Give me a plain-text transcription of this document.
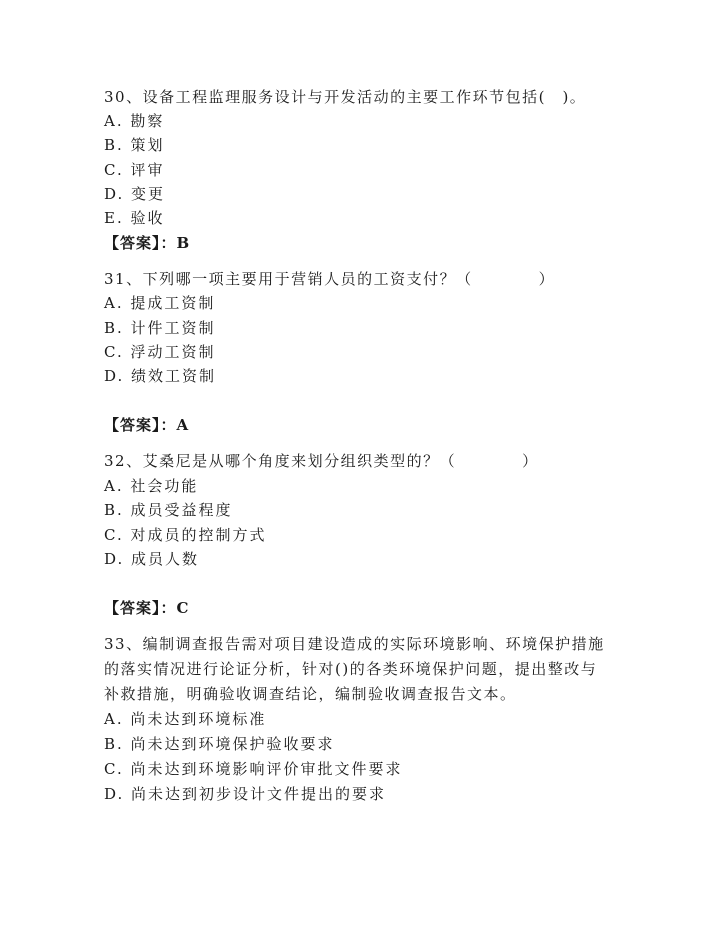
30、设备工程监理服务设计与开发活动的主要工作环节包括(　)。
A. 勘察
B. 策划
C. 评审
D. 变更
E. 验收
【答案】：B
31、下列哪一项主要用于营销人员的工资支付？（　　　　）
A. 提成工资制
B. 计件工资制
C. 浮动工资制
D. 绩效工资制
【答案】：A
32、艾桑尼是从哪个角度来划分组织类型的？（　　　　）
A. 社会功能
B. 成员受益程度
C. 对成员的控制方式
D. 成员人数
【答案】：C
33、编制调查报告需对项目建设造成的实际环境影响、环境保护措施
的落实情况进行论证分析，针对()的各类环境保护问题，提出整改与
补救措施，明确验收调查结论，编制验收调查报告文本。
A. 尚未达到环境标准
B. 尚未达到环境保护验收要求
C. 尚未达到环境影响评价审批文件要求
D. 尚未达到初步设计文件提出的要求
